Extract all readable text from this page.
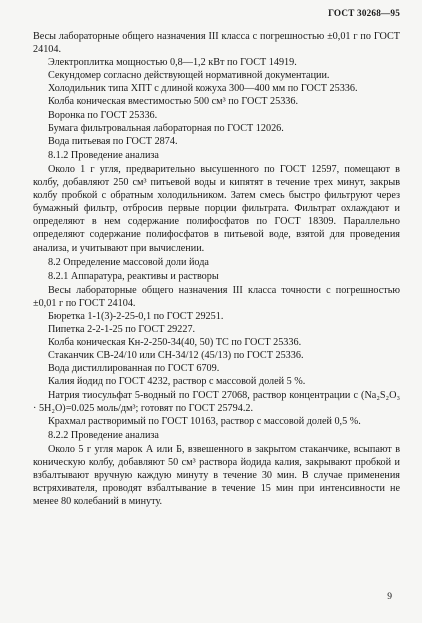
ГОСТ 30268—95

Весы лабораторные общего назначения III класса с погрешностью ±0,01 г по ГОСТ 24104.

Электроплитка мощностью 0,8—1,2 кВт по ГОСТ 14919.

Секундомер согласно действующей нормативной документации.

Холодильник типа ХПТ с длиной кожуха 300—400 мм по ГОСТ 25336.

Колба коническая вместимостью 500 см³ по ГОСТ 25336.

Воронка по ГОСТ 25336.

Бумага фильтровальная лабораторная по ГОСТ 12026.

Вода питьевая по ГОСТ 2874.

8.1.2 Проведение анализа

Около 1 г угля, предварительно высушенного по ГОСТ 12597, помещают в колбу, добавляют 250 см³ питьевой воды и кипятят в течение трех минут, закрыв колбу пробкой с обратным холодильником. Затем смесь быстро фильтруют через бумажный фильтр, отбросив первые порции фильтрата. Фильтрат охлаждают и определяют в нем содержание полифосфатов по ГОСТ 18309. Параллельно определяют содержание полифосфатов в питьевой воде, взятой для проведения анализа, и учитывают при вычислении.

8.2 Определение массовой доли йода

8.2.1 Аппаратура, реактивы и растворы

Весы лабораторные общего назначения III класса точности с погрешностью ±0,01 г по ГОСТ 24104.

Бюретка 1-1(3)-2-25-0,1 по ГОСТ 29251.

Пипетка 2-2-1-25 по ГОСТ 29227.

Колба коническая Кн-2-250-34(40, 50) ТС по ГОСТ 25336.

Стаканчик СВ-24/10 или СН-34/12 (45/13) по ГОСТ 25336.

Вода дистиллированная по ГОСТ 6709.

Калия йодид по ГОСТ 4232, раствор с массовой долей 5 %.

Натрия тиосульфат 5-водный по ГОСТ 27068, раствор концентрации с (Na₂S₂O₃ · 5H₂O)=0.025 моль/дм³; готовят по ГОСТ 25794.2.

Крахмал растворимый по ГОСТ 10163, раствор с массовой долей 0,5 %.

8.2.2 Проведение анализа

Около 5 г угля марок А или Б, взвешенного в закрытом стаканчике, всыпают в коническую колбу, добавляют 50 см³ раствора йодида калия, закрывают пробкой и взбалтывают вручную каждую минуту в течение 30 мин. В случае применения встряхивателя, проводят взбалтывание в течение 15 мин при интенсивности не менее 80 колебаний в минуту.

9
